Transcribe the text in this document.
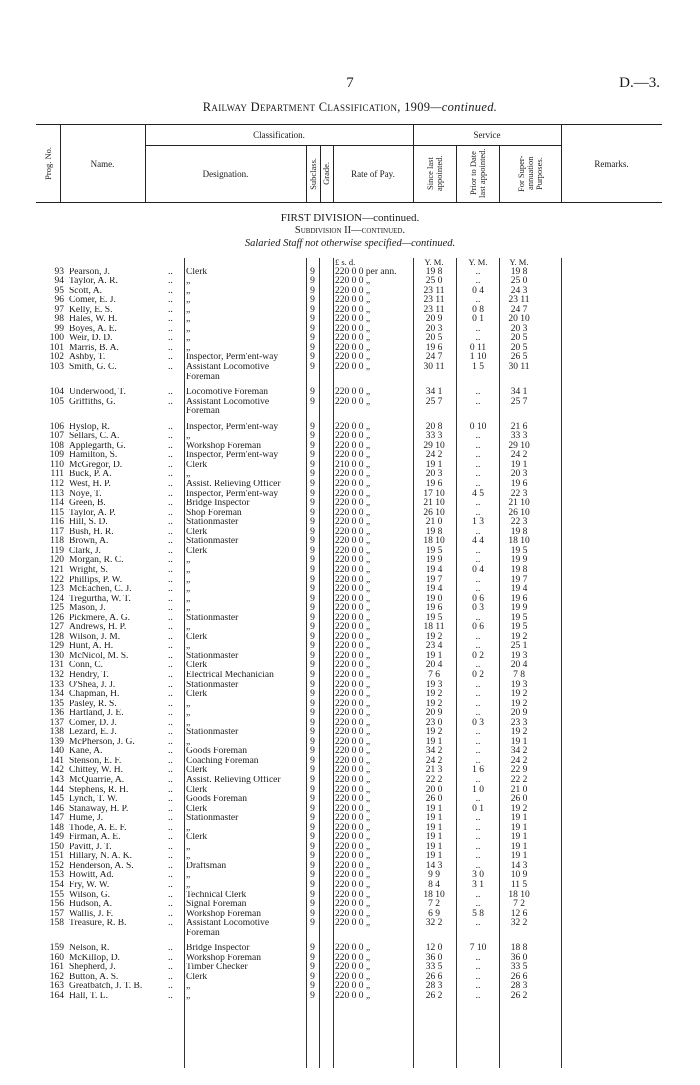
7	D.—3.
Railway Department Classification, 1909—continued.
Classification.	Service
Prog. No.	Name.
Designation.	Subclass. Grade.	Rate of Pay.	Since last appointed.	Prior to Date last appointed.	For Super-annuation Purposes.	Remarks.
FIRST DIVISION—continued.
Subdivision II—continued.
Salaried Staff not otherwise specified—continued.
£ s. d.	Y. M.	Y. M.	Y. M.
93 Pearson, J.	Clerk	9 220 0 0 per ann.	19 8	..	19 8
..
94 Taylor, A. R.	„	9 220 0 0 „	25 0	..	25 0
..
95 Scott, A.	„	9 220 0 0 „	23 11	0 4	24 3
..
96 Comer, E. J.	„	9 220 0 0 „	23 11	..	23 11
..
97 Kelly, E. S.	„	9 220 0 0 „	23 11	0 8	24 7
..
98 Hales, W. H.	„	9 220 0 0 „	20 9	0 1	20 10
..
99 Boyes, A. E.	„	9 220 0 0 „	20 3	..	20 3
..
100 Weir, D. D.	„	9 220 0 0 „	20 5	..	20 5
..
101 Marris, B. A.	„	9 220 0 0 „	19 6	0 11	20 5
..
102 Ashby, T.	Inspector, Perm'ent-way	9 220 0 0 „	24 7	1 10	26 5
..
103 Smith, G. C.	Assistant Locomotive	9 220 0 0 „	30 11	1 5	30 11
..
Foreman
104 Underwood, T.	Locomotive Foreman	9 220 0 0 „	34 1	..	34 1
..
105 Griffiths, G.	Assistant Locomotive	9 220 0 0 „	25 7	..	25 7
..
Foreman
106 Hyslop, R.	Inspector, Perm'ent-way	9 220 0 0 „	20 8	0 10	21 6
..
107 Sellars, C. A.	„	9 220 0 0 „	33 3	..	33 3
..
108 Applegarth, G.	Workshop Foreman	9 220 0 0 „	29 10	..	29 10
..
109 Hamilton, S.	Inspector, Perm'ent-way	9 220 0 0 „	24 2	..	24 2
..
110 McGregor, D.	Clerk	9 210 0 0 „	19 1	..	19 1
..
111 Buck, P. A.	„	9 220 0 0 „	20 3	..	20 3
..
112 West, H. P.	Assist. Relieving Officer	9 220 0 0 „	19 6	..	19 6
..
113 Noye, T.	Inspector, Perm'ent-way	9 220 0 0 „	17 10	4 5	22 3
..
114 Green, B.	Bridge Inspector	9 220 0 0 „	21 10	..	21 10
..
115 Taylor, A. P.	Shop Foreman	9 220 0 0 „	26 10	..	26 10
..
116 Hill, S. D.	Stationmaster	9 220 0 0 „	21 0	1 3	22 3
..
117 Bush, H. R.	Clerk	9 220 0 0 „	19 8	..	19 8
..
118 Brown, A.	Stationmaster	9 220 0 0 „	18 10	4 4	18 10
..
119 Clark, J.	Clerk	9 220 0 0 „	19 5	..	19 5
..
120 Morgan, R. C.	„	9 220 0 0 „	19 9	..	19 9
..
121 Wright, S.	„	9 220 0 0 „	19 4	0 4	19 8
..
122 Phillips, P. W.	„	9 220 0 0 „	19 7	..	19 7
..
123 McEachen, C. J.	„	9 220 0 0 „	19 4	..	19 4
..
124 Tregurtha, W. T.	„	9 220 0 0 „	19 0	0 6	19 6
..
125 Mason, J.	„	9 220 0 0 „	19 6	0 3	19 9
..
126 Pickmere, A. G.	Stationmaster	9 220 0 0 „	19 5	..	19 5
..
127 Andrews, H. P.	„	9 220 0 0 „	18 11	0 6	19 5
..
128 Wilson, J. M.	Clerk	9 220 0 0 „	19 2	..	19 2
..
129 Hunt, A. H.	„	9 220 0 0 „	23 4	..	25 1
..
130 McNicol, M. S.	Stationmaster	9 220 0 0 „	19 1	0 2	19 3
..
131 Conn, C.	Clerk	9 220 0 0 „	20 4	..	20 4
..
132 Hendry, T.	Electrical Mechanician	9 220 0 0 „	7 6	0 2	7 8
..
133 O'Shea, J. J.	Stationmaster	9 220 0 0 „	19 3	..	19 3
..
134 Chapman, H.	Clerk	9 220 0 0 „	19 2	..	19 2
..
135 Pasley, R. S.	„	9 220 0 0 „	19 2	..	19 2
..
136 Hartland, J. E.	„	9 220 0 0 „	20 9	..	20 9
..
137 Comer, D. J.	„	9 220 0 0 „	23 0	0 3	23 3
..
138 Lezard, E. J.	Stationmaster	9 220 0 0 „	19 2	..	19 2
..
139 McPherson, J. G.	„	9 220 0 0 „	19 1	..	19 1
..
140 Kane, A.	Goods Foreman	9 220 0 0 „	34 2	..	34 2
..
141 Stenson, E. F.	Coaching Foreman	9 220 0 0 „	24 2	..	24 2
..
142 Chittey, W. H.	Clerk	9 220 0 0 „	21 3	1 6	22 9
..
143 McQuarrie, A.	Assist. Relieving Officer	9 220 0 0 „	22 2	..	22 2
..
144 Stephens, R. H.	Clerk	9 220 0 0 „	20 0	1 0	21 0
..
145 Lynch, T. W.	Goods Foreman	9 220 0 0 „	26 0	..	26 0
..
146 Stanaway, H. P.	Clerk	9 220 0 0 „	19 1	0 1	19 2
..
147 Hume, J.	Stationmaster	9 220 0 0 „	19 1	..	19 1
..
148 Thode, A. E. F.	„	9 220 0 0 „	19 1	..	19 1
..
149 Firman, A. E.	Clerk	9 220 0 0 „	19 1	..	19 1
..
150 Pavitt, J. T.	„	9 220 0 0 „	19 1	..	19 1
..
151 Hillary, N. A. K.	„	9 220 0 0 „	19 1	..	19 1
..
152 Henderson, A. S.	Draftsman	9 220 0 0 „	14 3	..	14 3
..
153 Howitt, Ad.	„	9 220 0 0 „	9 9	3 0	10 9
..
154 Fry, W. W.	„	9 220 0 0 „	8 4	3 1	11 5
..
155 Wilson, G.	Technical Clerk	9 220 0 0 „	18 10	..	18 10
..
156 Hudson, A.	Signal Foreman	9 220 0 0 „	7 2	..	7 2
..
157 Wallis, J. F.	Workshop Foreman	9 220 0 0 „	6 9	5 8	12 6
..
158 Treasure, R. B.	Assistant Locomotive	9 220 0 0 „	32 2	..	32 2
..
Foreman
159 Nelson, R.	Bridge Inspector	9 220 0 0 „	12 0	7 10	18 8
..
160 McKillop, D.	Workshop Foreman	9 220 0 0 „	36 0	..	36 0
..
161 Shepherd, J.	Timber Checker	9 220 0 0 „	33 5	..	33 5
..
162 Button, A. S.	Clerk	9 220 0 0 „	26 6	..	26 6
..
163 Greatbatch, J. T. B.	„	9 220 0 0 „	28 3	..	28 3
..
164 Hall, T. L.	„	9 220 0 0 „	26 2	..	26 2
..
